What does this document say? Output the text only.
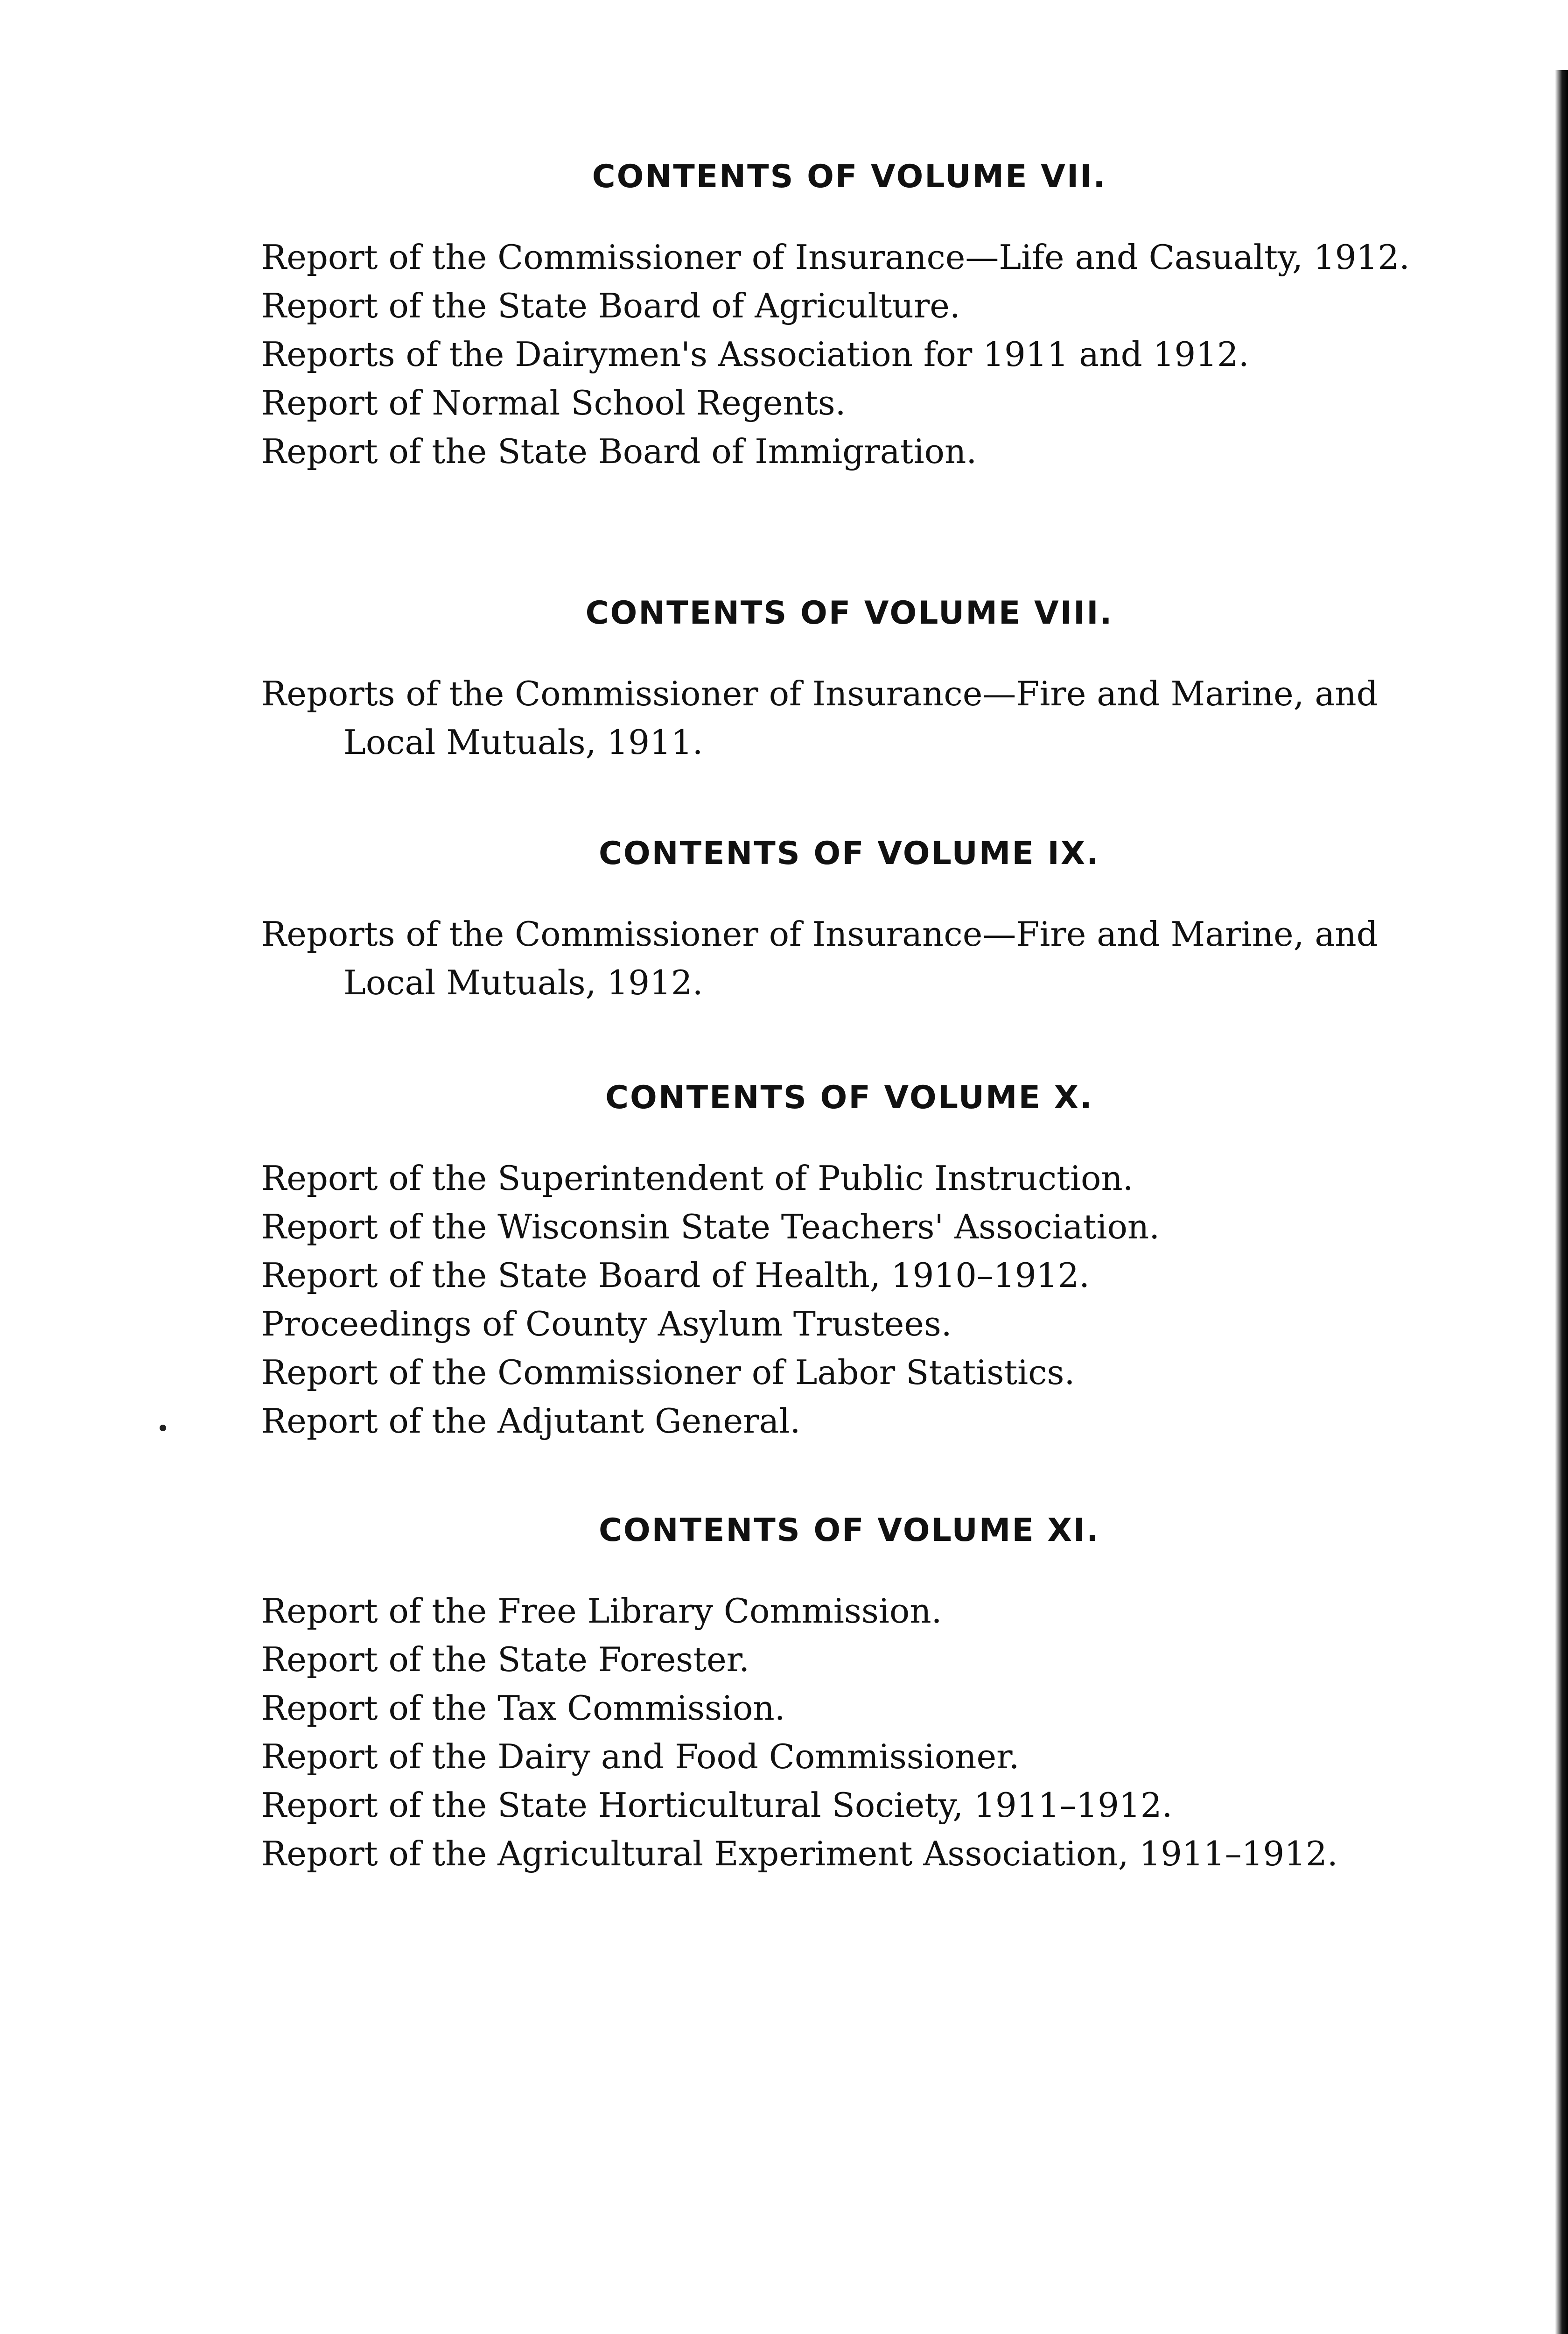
CONTENTS OF VOLUME VII.
Report of the Commissioner of Insurance—Life and Casualty, 1912.
Report of the State Board of Agriculture.
Reports of the Dairymen's Association for 1911 and 1912.
Report of Normal School Regents.
Report of the State Board of Immigration.
CONTENTS OF VOLUME VIII.
Reports of the Commissioner of Insurance—Fire and Marine, and Local Mutuals, 1911.
CONTENTS OF VOLUME IX.
Reports of the Commissioner of Insurance—Fire and Marine, and Local Mutuals, 1912.
CONTENTS OF VOLUME X.
Report of the Superintendent of Public Instruction.
Report of the Wisconsin State Teachers' Association.
Report of the State Board of Health, 1910–1912.
Proceedings of County Asylum Trustees.
Report of the Commissioner of Labor Statistics.
Report of the Adjutant General.
CONTENTS OF VOLUME XI.
Report of the Free Library Commission.
Report of the State Forester.
Report of the Tax Commission.
Report of the Dairy and Food Commissioner.
Report of the State Horticultural Society, 1911–1912.
Report of the Agricultural Experiment Association, 1911–1912.
